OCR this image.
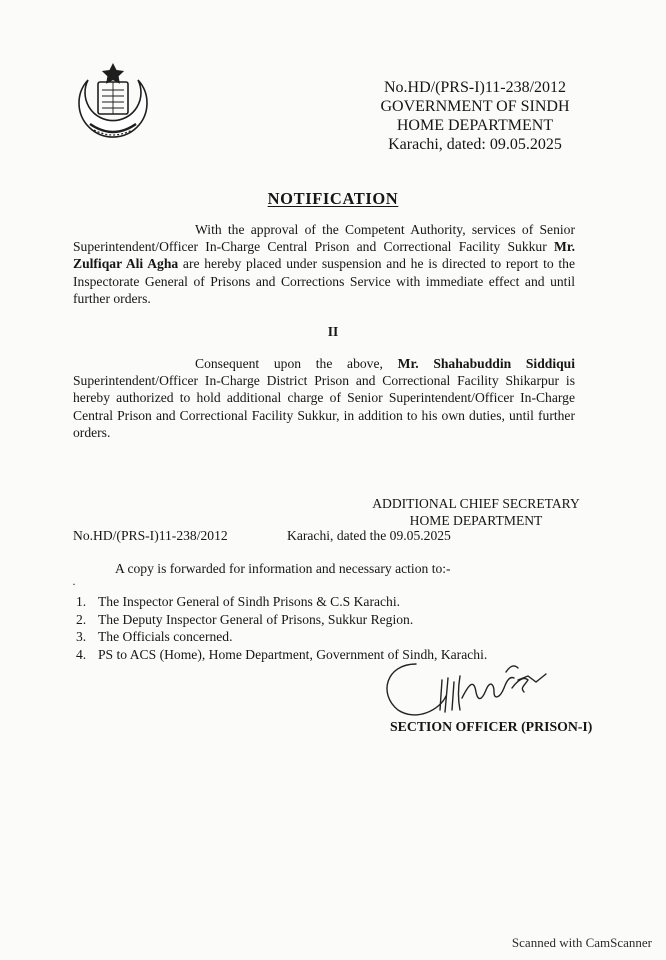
No.HD/(PRS-I)11-238/2012
GOVERNMENT OF SINDH
HOME DEPARTMENT
Karachi, dated: 09.05.2025
NOTIFICATION
With the approval of the Competent Authority, services of Senior Superintendent/Officer In-Charge Central Prison and Correctional Facility Sukkur Mr. Zulfiqar Ali Agha are hereby placed under suspension and he is directed to report to the Inspectorate General of Prisons and Corrections Service with immediate effect and until further orders.
II
Consequent upon the above, Mr. Shahabuddin Siddiqui Superintendent/Officer In-Charge District Prison and Correctional Facility Shikarpur is hereby authorized to hold additional charge of Senior Superintendent/Officer In-Charge Central Prison and Correctional Facility Sukkur, in addition to his own duties, until further orders.
ADDITIONAL CHIEF SECRETARY
HOME DEPARTMENT
No.HD/(PRS-I)11-238/2012	Karachi, dated the 09.05.2025
A copy is forwarded for information and necessary action to:-
·
1. The Inspector General of Sindh Prisons & C.S Karachi.
2. The Deputy Inspector General of Prisons, Sukkur Region.
3. The Officials concerned.
4. PS to ACS (Home), Home Department, Government of Sindh, Karachi.
SECTION OFFICER (PRISON-I)
Scanned with CamScanner
